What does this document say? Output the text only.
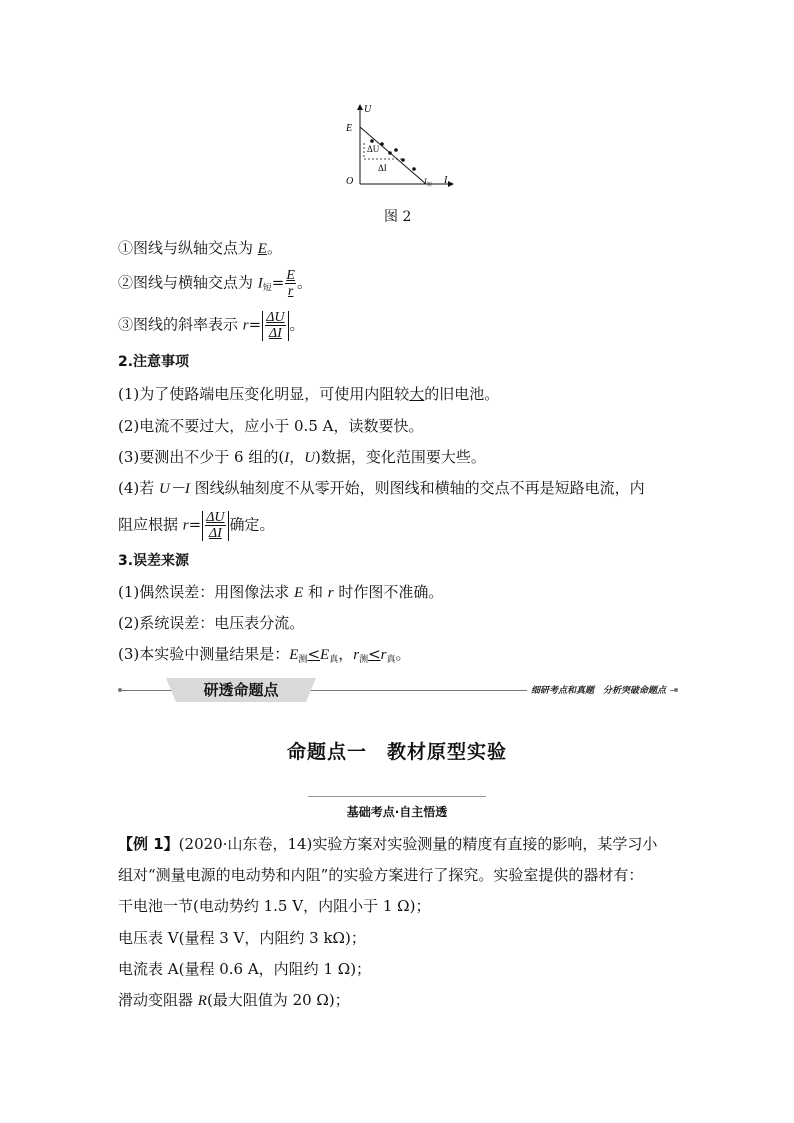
U
I
O
E
I 短
ΔU
ΔI
图 2
①图线与纵轴交点为 E。
②图线与横轴交点为 $I_短= \frac{E}{r}$ 。
③图线的斜率表示 $r= \frac{\Delta U}{\Delta I}$ 。
2.注意事项
(1)为了使路端电压变化明显，可使用内阻较大的旧电池。
(2)电流不要过大，应小于 0.5 A，读数要快。
(3)要测出不少于 6 组的(I，U)数据，变化范围要大些。
(4)若 U－I 图线纵轴刻度不从零开始，则图线和横轴的交点不再是短路电流，内
阻应根据 $r= \frac{\Delta U}{\Delta I}$ 确定。
3.误差来源
(1)偶然误差：用图像法求 E 和 r 时作图不准确。
(2)系统误差：电压表分流。
(3)本实验中测量结果是：$E_测<E_真$，$r_测<r_真$。
研透命题点	细研考点和真题　分析突破命题点
命题点一　教材原型实验
$_{基础考点\cdot 自主悟透}$
【例 1】(2020·山东卷，14)实验方案对实验测量的精度有直接的影响，某学习小
组对“测量电源的电动势和内阻”的实验方案进行了探究。实验室提供的器材有：
干电池一节(电动势约 1.5 V，内阻小于 1 Ω)；
电压表 V(量程 3 V，内阻约 3 kΩ)；
电流表 A(量程 0.6 A，内阻约 1 Ω)；
滑动变阻器 R(最大阻值为 20 Ω)；
